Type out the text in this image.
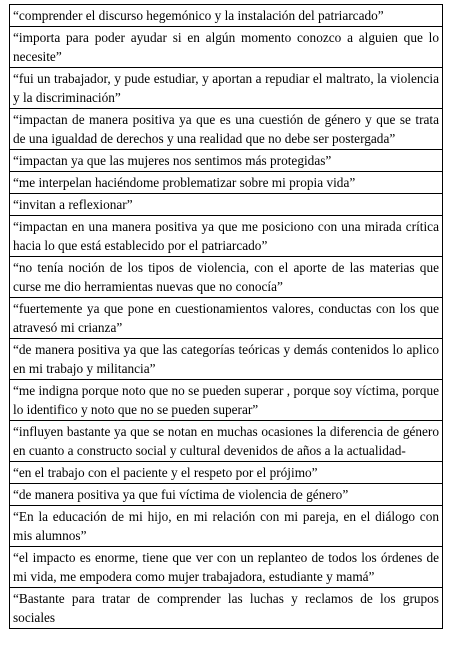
“comprender el discurso hegemónico y la instalación del patriarcado”
“importa para poder ayudar si en algún momento conozco a alguien que lo necesite”
“fui un trabajador, y pude estudiar, y aportan a repudiar el maltrato, la violencia y la discriminación”
“impactan de manera positiva ya que es una cuestión de género y que se trata de una igualdad de derechos y una realidad que no debe ser postergada”
“impactan ya que las mujeres nos sentimos más protegidas”
“me interpelan haciéndome problematizar sobre mi propia vida”
“invitan a reflexionar”
“impactan en una manera positiva ya que me posiciono con una mirada crítica hacia lo que está establecido por el patriarcado”
“no tenía noción de los tipos de violencia, con el aporte de las materias que curse me dio herramientas nuevas que no conocía”
“fuertemente ya que pone en cuestionamientos valores, conductas con los que atravesó mi crianza”
“de manera positiva ya que las categorías teóricas y demás contenidos lo aplico en mi trabajo y militancia”
“me indigna porque noto que no se pueden superar , porque soy víctima, porque lo identifico y noto que no se pueden superar”
“influyen bastante ya que se notan en muchas ocasiones la diferencia de género en cuanto a constructo social y cultural devenidos de años a la actualidad-
“en el trabajo con el paciente y el respeto por el prójimo”
“de manera positiva ya que fui víctima de violencia de género”
“En la educación de mi hijo, en mi relación con mi pareja, en el diálogo con mis alumnos”
“el impacto es enorme, tiene que ver con un replanteo de todos los órdenes de mi vida, me empodera como mujer trabajadora, estudiante y mamá”
“Bastante para tratar de comprender las luchas y reclamos de los grupos sociales
